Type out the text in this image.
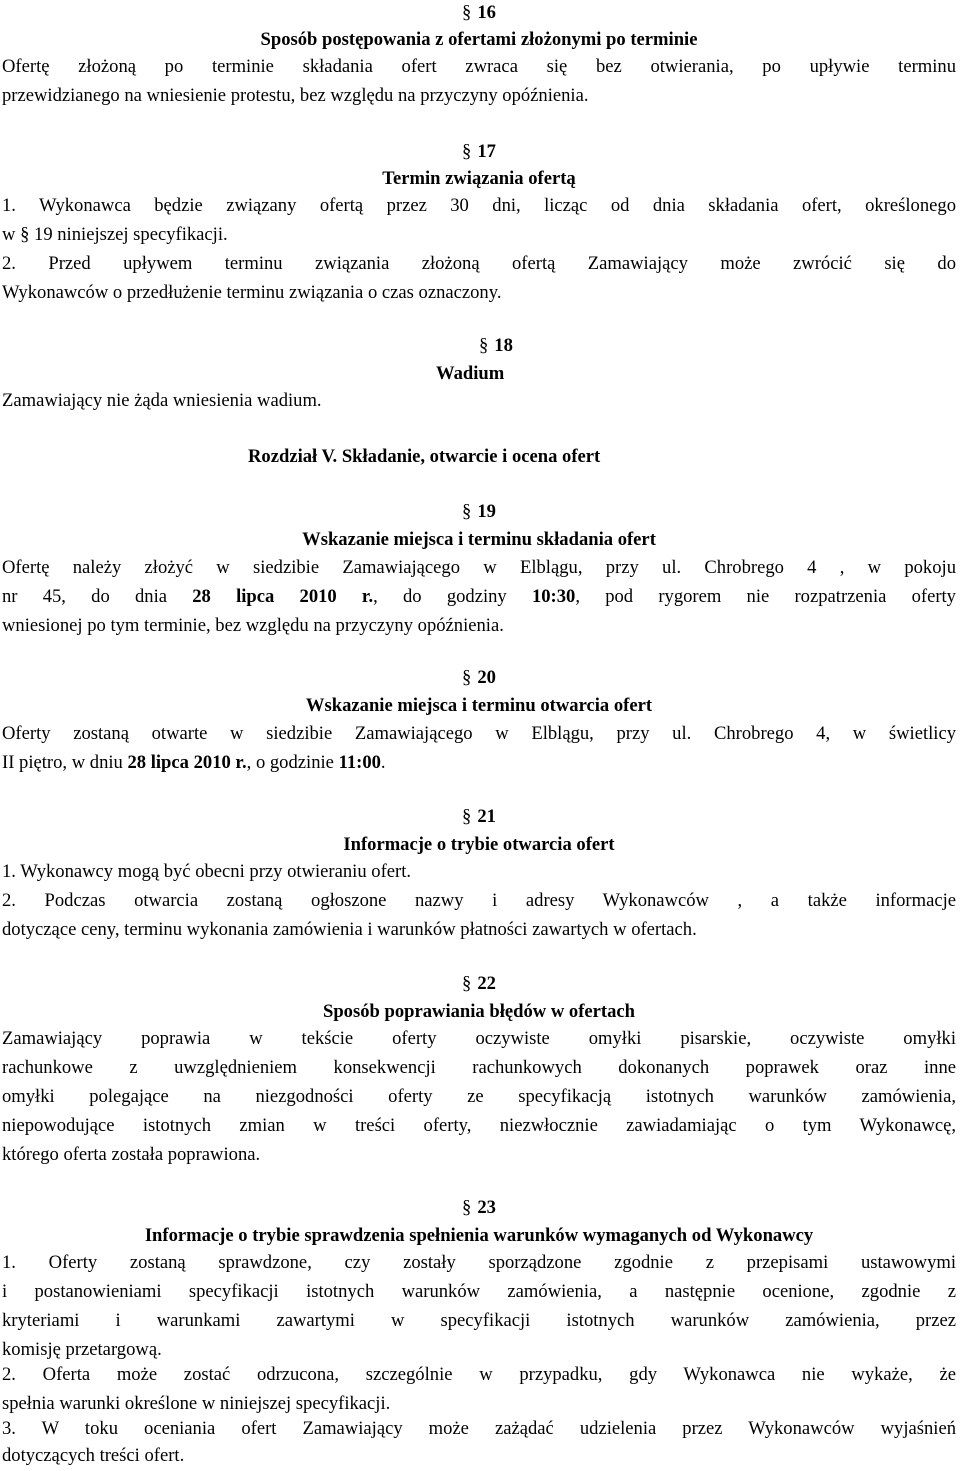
§ 16
Sposób postępowania z ofertami złożonymi po terminie
Ofertę złożoną po terminie składania ofert zwraca się bez otwierania, po upływie terminu
przewidzianego na wniesienie protestu, bez względu na przyczyny opóźnienia.
§ 17
Termin związania ofertą
1. Wykonawca będzie związany ofertą przez 30 dni, licząc od dnia składania ofert, określonego
w § 19 niniejszej specyfikacji.
2. Przed upływem terminu związania złożoną ofertą Zamawiający może zwrócić się do
Wykonawców o przedłużenie terminu związania o czas oznaczony.
§ 18
Wadium
Zamawiający nie żąda wniesienia wadium.
Rozdział V. Składanie, otwarcie i ocena ofert
§ 19
Wskazanie miejsca i terminu składania ofert
Ofertę należy złożyć w siedzibie Zamawiającego w Elblągu, przy ul. Chrobrego 4 , w pokoju
nr 45, do dnia 28 lipca 2010 r., do godziny 10:30, pod rygorem nie rozpatrzenia oferty
wniesionej po tym terminie, bez względu na przyczyny opóźnienia.
§ 20
Wskazanie miejsca i terminu otwarcia ofert
Oferty zostaną otwarte w siedzibie Zamawiającego w Elblągu, przy ul. Chrobrego 4, w świetlicy
II piętro, w dniu 28 lipca 2010 r., o godzinie 11:00.
§ 21
Informacje o trybie otwarcia ofert
1. Wykonawcy mogą być obecni przy otwieraniu ofert.
2. Podczas otwarcia zostaną ogłoszone nazwy i adresy Wykonawców , a także informacje
dotyczące ceny, terminu wykonania zamówienia i warunków płatności zawartych w ofertach.
§ 22
Sposób poprawiania błędów w ofertach
Zamawiający poprawia w tekście oferty oczywiste omyłki pisarskie, oczywiste omyłki
rachunkowe z uwzględnieniem konsekwencji rachunkowych dokonanych poprawek oraz inne
omyłki polegające na niezgodności oferty ze specyfikacją istotnych warunków zamówienia,
niepowodujące istotnych zmian w treści oferty, niezwłocznie zawiadamiając o tym Wykonawcę,
którego oferta została poprawiona.
§ 23
Informacje o trybie sprawdzenia spełnienia warunków wymaganych od Wykonawcy
1. Oferty zostaną sprawdzone, czy zostały sporządzone zgodnie z przepisami ustawowymi
i postanowieniami specyfikacji istotnych warunków zamówienia, a następnie ocenione, zgodnie z
kryteriami i warunkami zawartymi w specyfikacji istotnych warunków zamówienia, przez
komisję przetargową.
2. Oferta może zostać odrzucona, szczególnie w przypadku, gdy Wykonawca nie wykaże, że
spełnia warunki określone w niniejszej specyfikacji.
3. W toku oceniania ofert Zamawiający może zażądać udzielenia przez Wykonawców wyjaśnień
dotyczących treści ofert.
